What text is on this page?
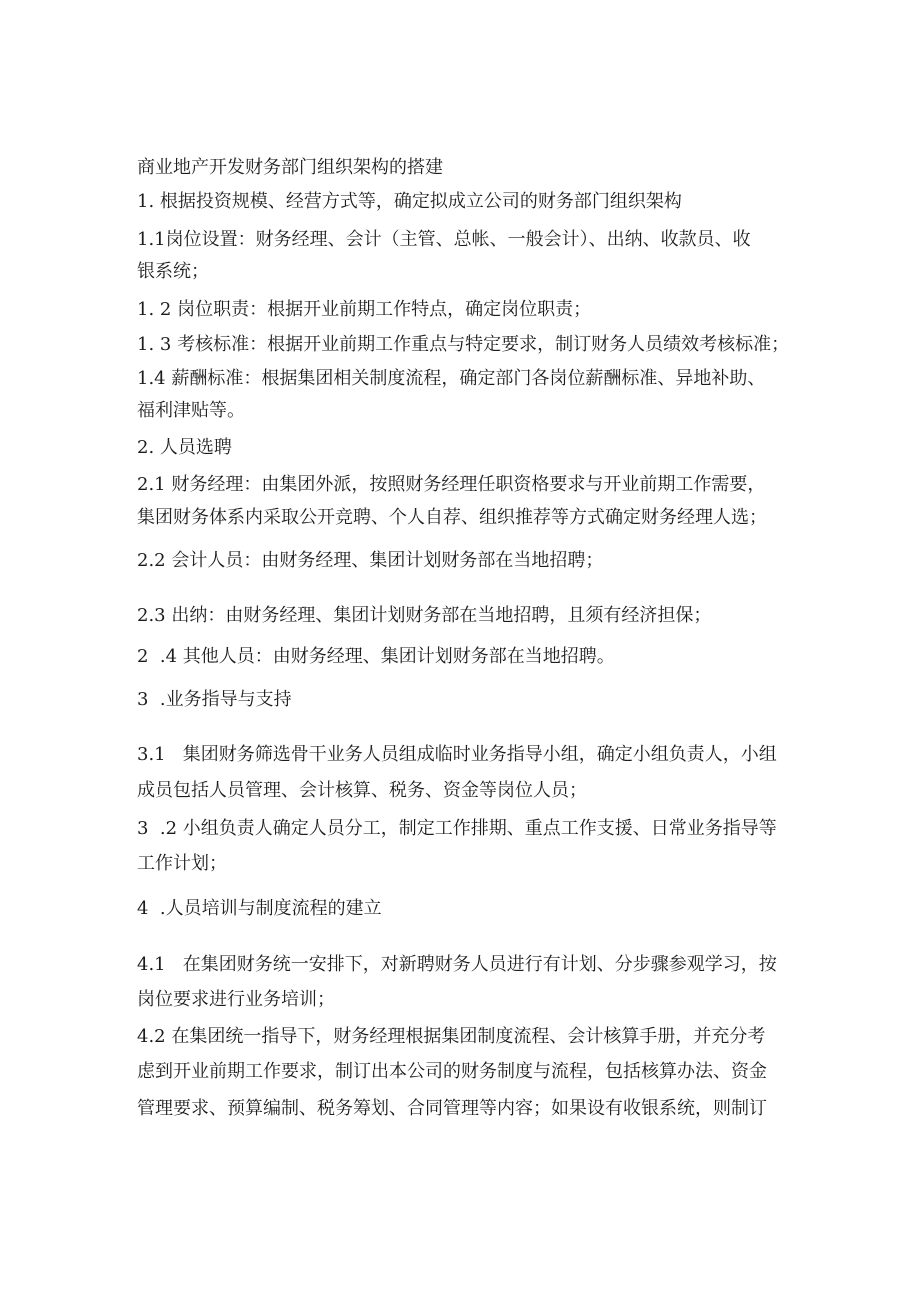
商业地产开发财务部门组织架构的搭建
1. 根据投资规模、经营方式等，确定拟成立公司的财务部门组织架构
1.1岗位设置：财务经理、会计（主管、总帐、一般会计）、出纳、收款员、收
银系统；
1. 2 岗位职责：根据开业前期工作特点，确定岗位职责；
1. 3 考核标准：根据开业前期工作重点与特定要求，制订财务人员绩效考核标准；
1.4 薪酬标准：根据集团相关制度流程，确定部门各岗位薪酬标准、异地补助、
福利津贴等。
2. 人员选聘
2.1 财务经理：由集团外派，按照财务经理任职资格要求与开业前期工作需要，
集团财务体系内采取公开竞聘、个人自荐、组织推荐等方式确定财务经理人选；
2.2 会计人员：由财务经理、集团计划财务部在当地招聘；
2.3 出纳：由财务经理、集团计划财务部在当地招聘，且须有经济担保；
2  .4 其他人员：由财务经理、集团计划财务部在当地招聘。
3  .业务指导与支持
3.1   集团财务筛选骨干业务人员组成临时业务指导小组，确定小组负责人，小组
成员包括人员管理、会计核算、税务、资金等岗位人员；
3  .2 小组负责人确定人员分工，制定工作排期、重点工作支援、日常业务指导等
工作计划；
4  .人员培训与制度流程的建立
4.1   在集团财务统一安排下，对新聘财务人员进行有计划、分步骤参观学习，按
岗位要求进行业务培训；
4.2 在集团统一指导下，财务经理根据集团制度流程、会计核算手册，并充分考
虑到开业前期工作要求，制订出本公司的财务制度与流程，包括核算办法、资金
管理要求、预算编制、税务筹划、合同管理等内容；如果设有收银系统，则制订
